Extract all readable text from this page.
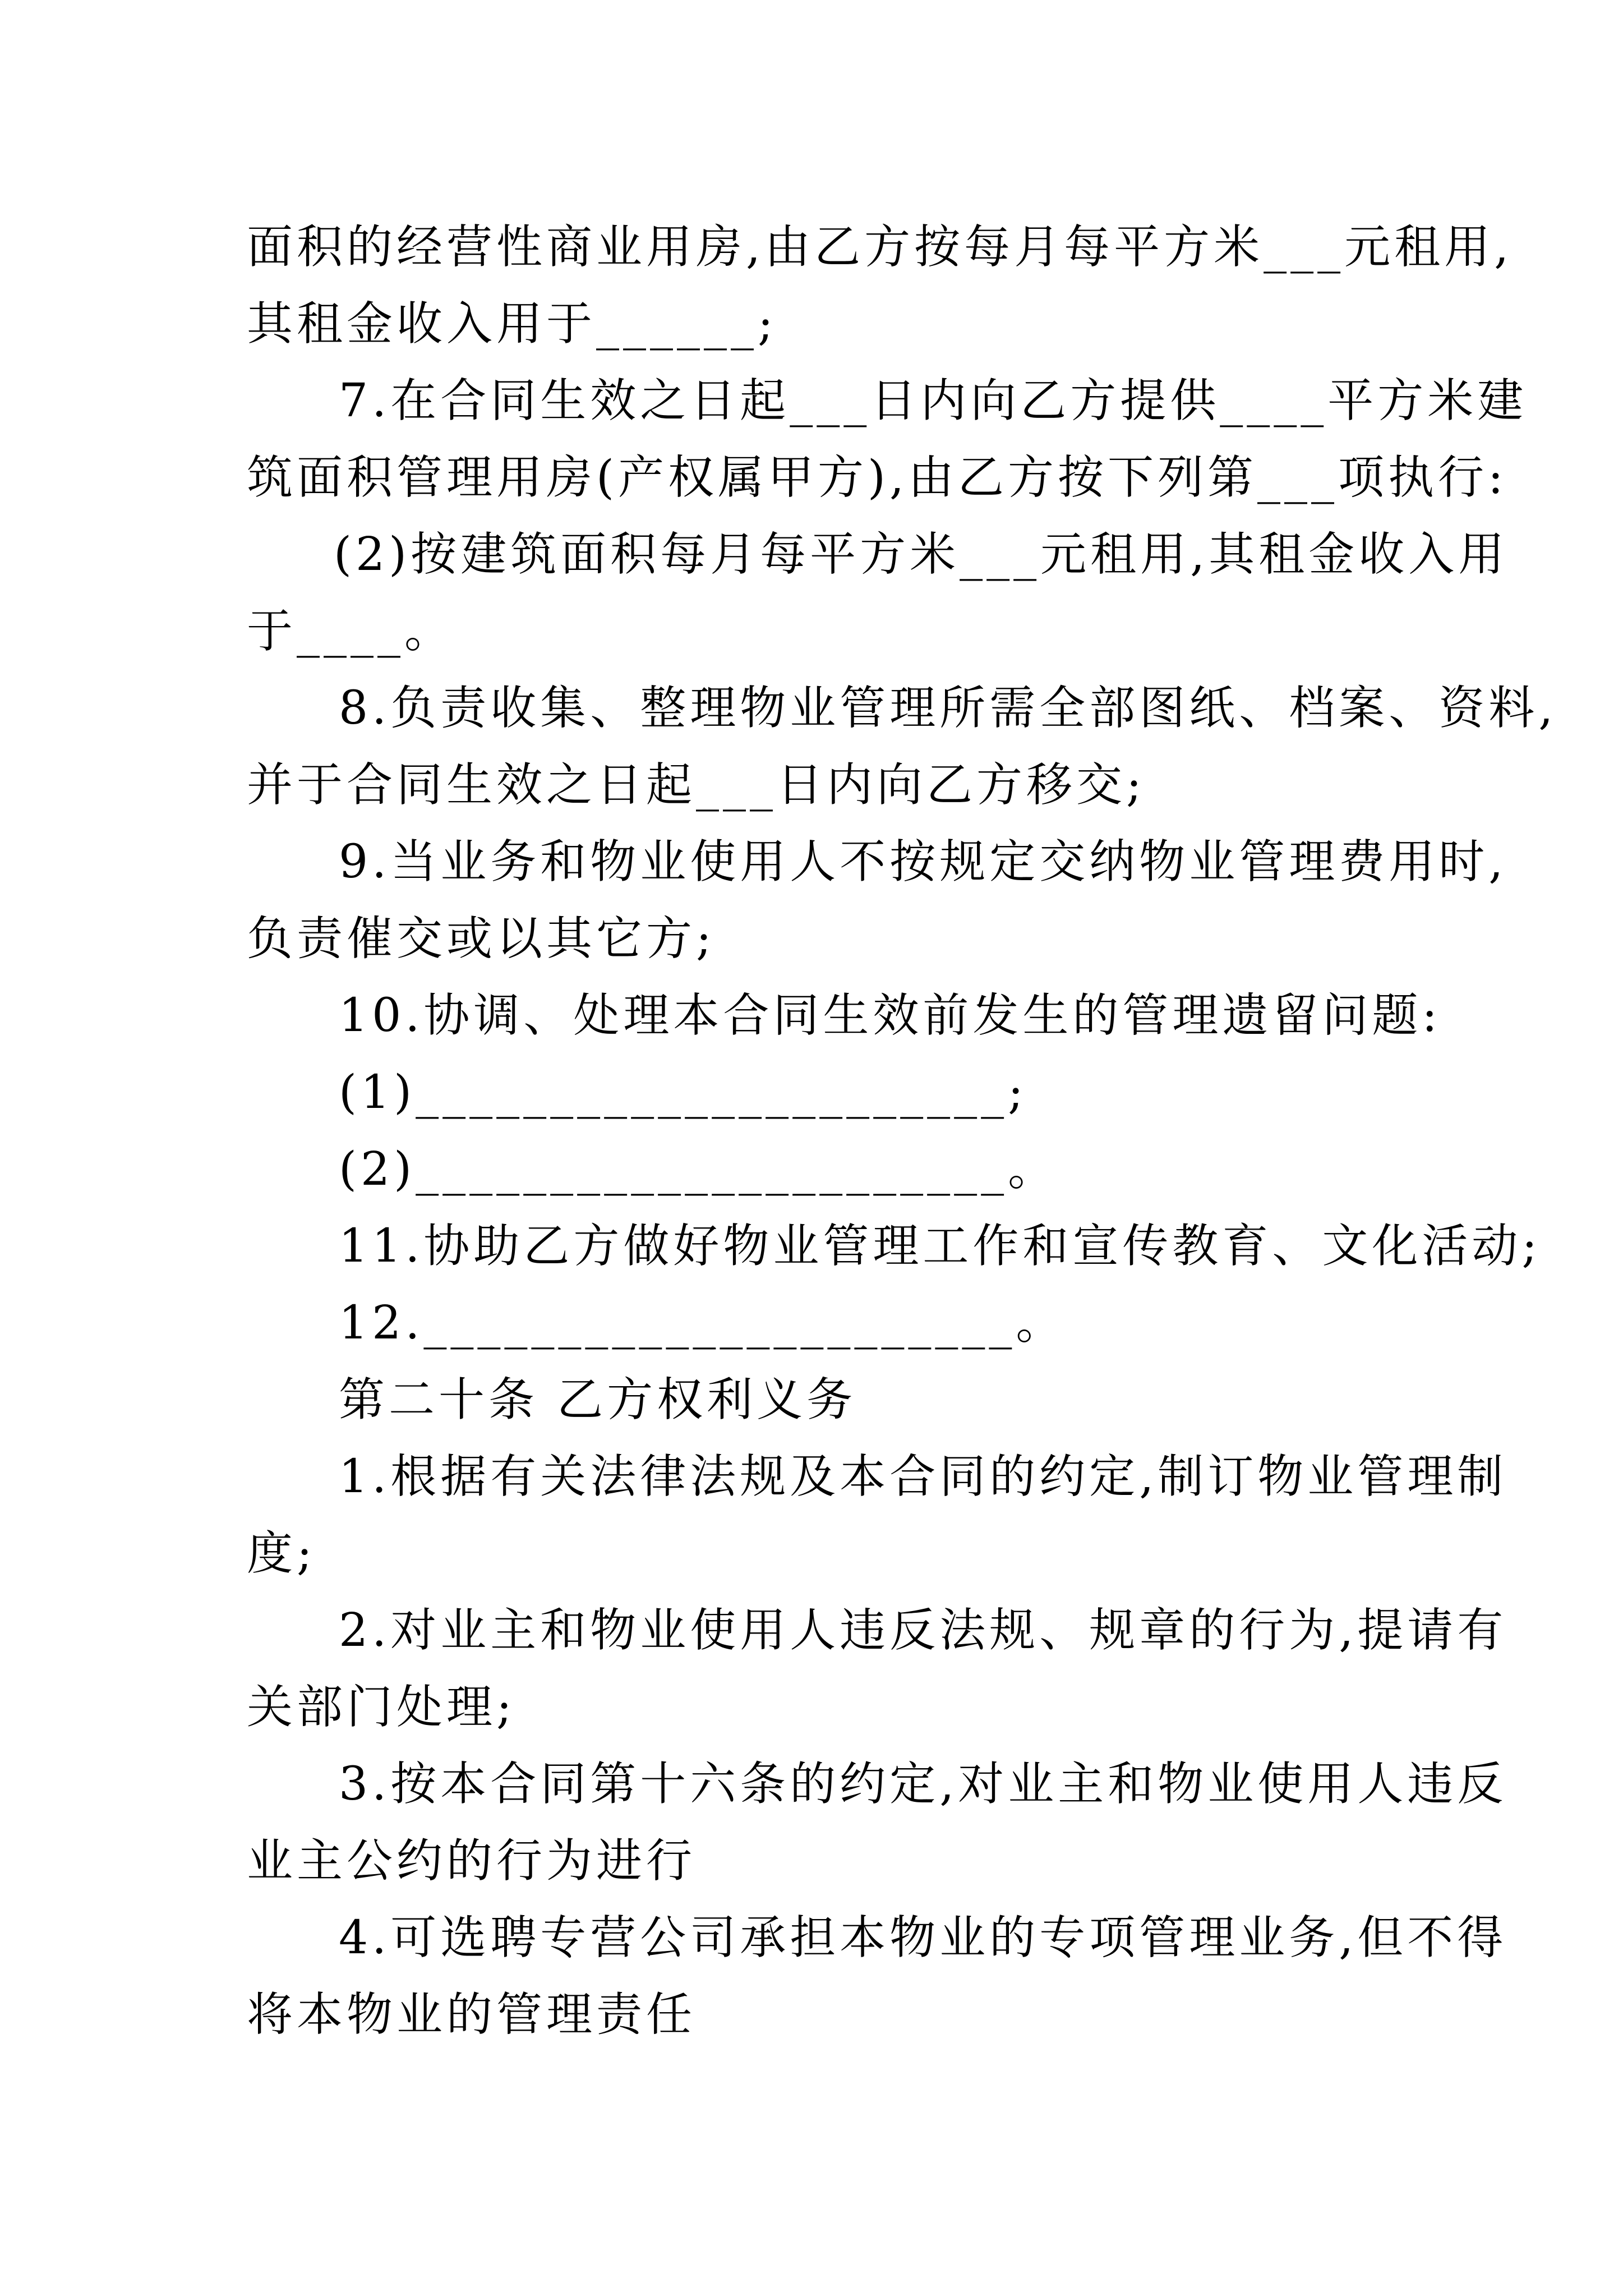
面积的经营性商业用房,由乙方按每月每平方米___元租用,
其租金收入用于______;
7.在合同生效之日起___日内向乙方提供____平方米建
筑面积管理用房(产权属甲方),由乙方按下列第___项执行:
(2)按建筑面积每月每平方米___元租用,其租金收入用
于____。
8.负责收集、整理物业管理所需全部图纸、档案、资料,
并于合同生效之日起___日内向乙方移交;
9.当业务和物业使用人不按规定交纳物业管理费用时,
负责催交或以其它方;
10.协调、处理本合同生效前发生的管理遗留问题:
(1)______________________;
(2)______________________。
11.协助乙方做好物业管理工作和宣传教育、文化活动;
12.______________________。
第二十条 乙方权利义务
1.根据有关法律法规及本合同的约定,制订物业管理制
度;
2.对业主和物业使用人违反法规、规章的行为,提请有
关部门处理;
3.按本合同第十六条的约定,对业主和物业使用人违反
业主公约的行为进行
4.可选聘专营公司承担本物业的专项管理业务,但不得
将本物业的管理责任
